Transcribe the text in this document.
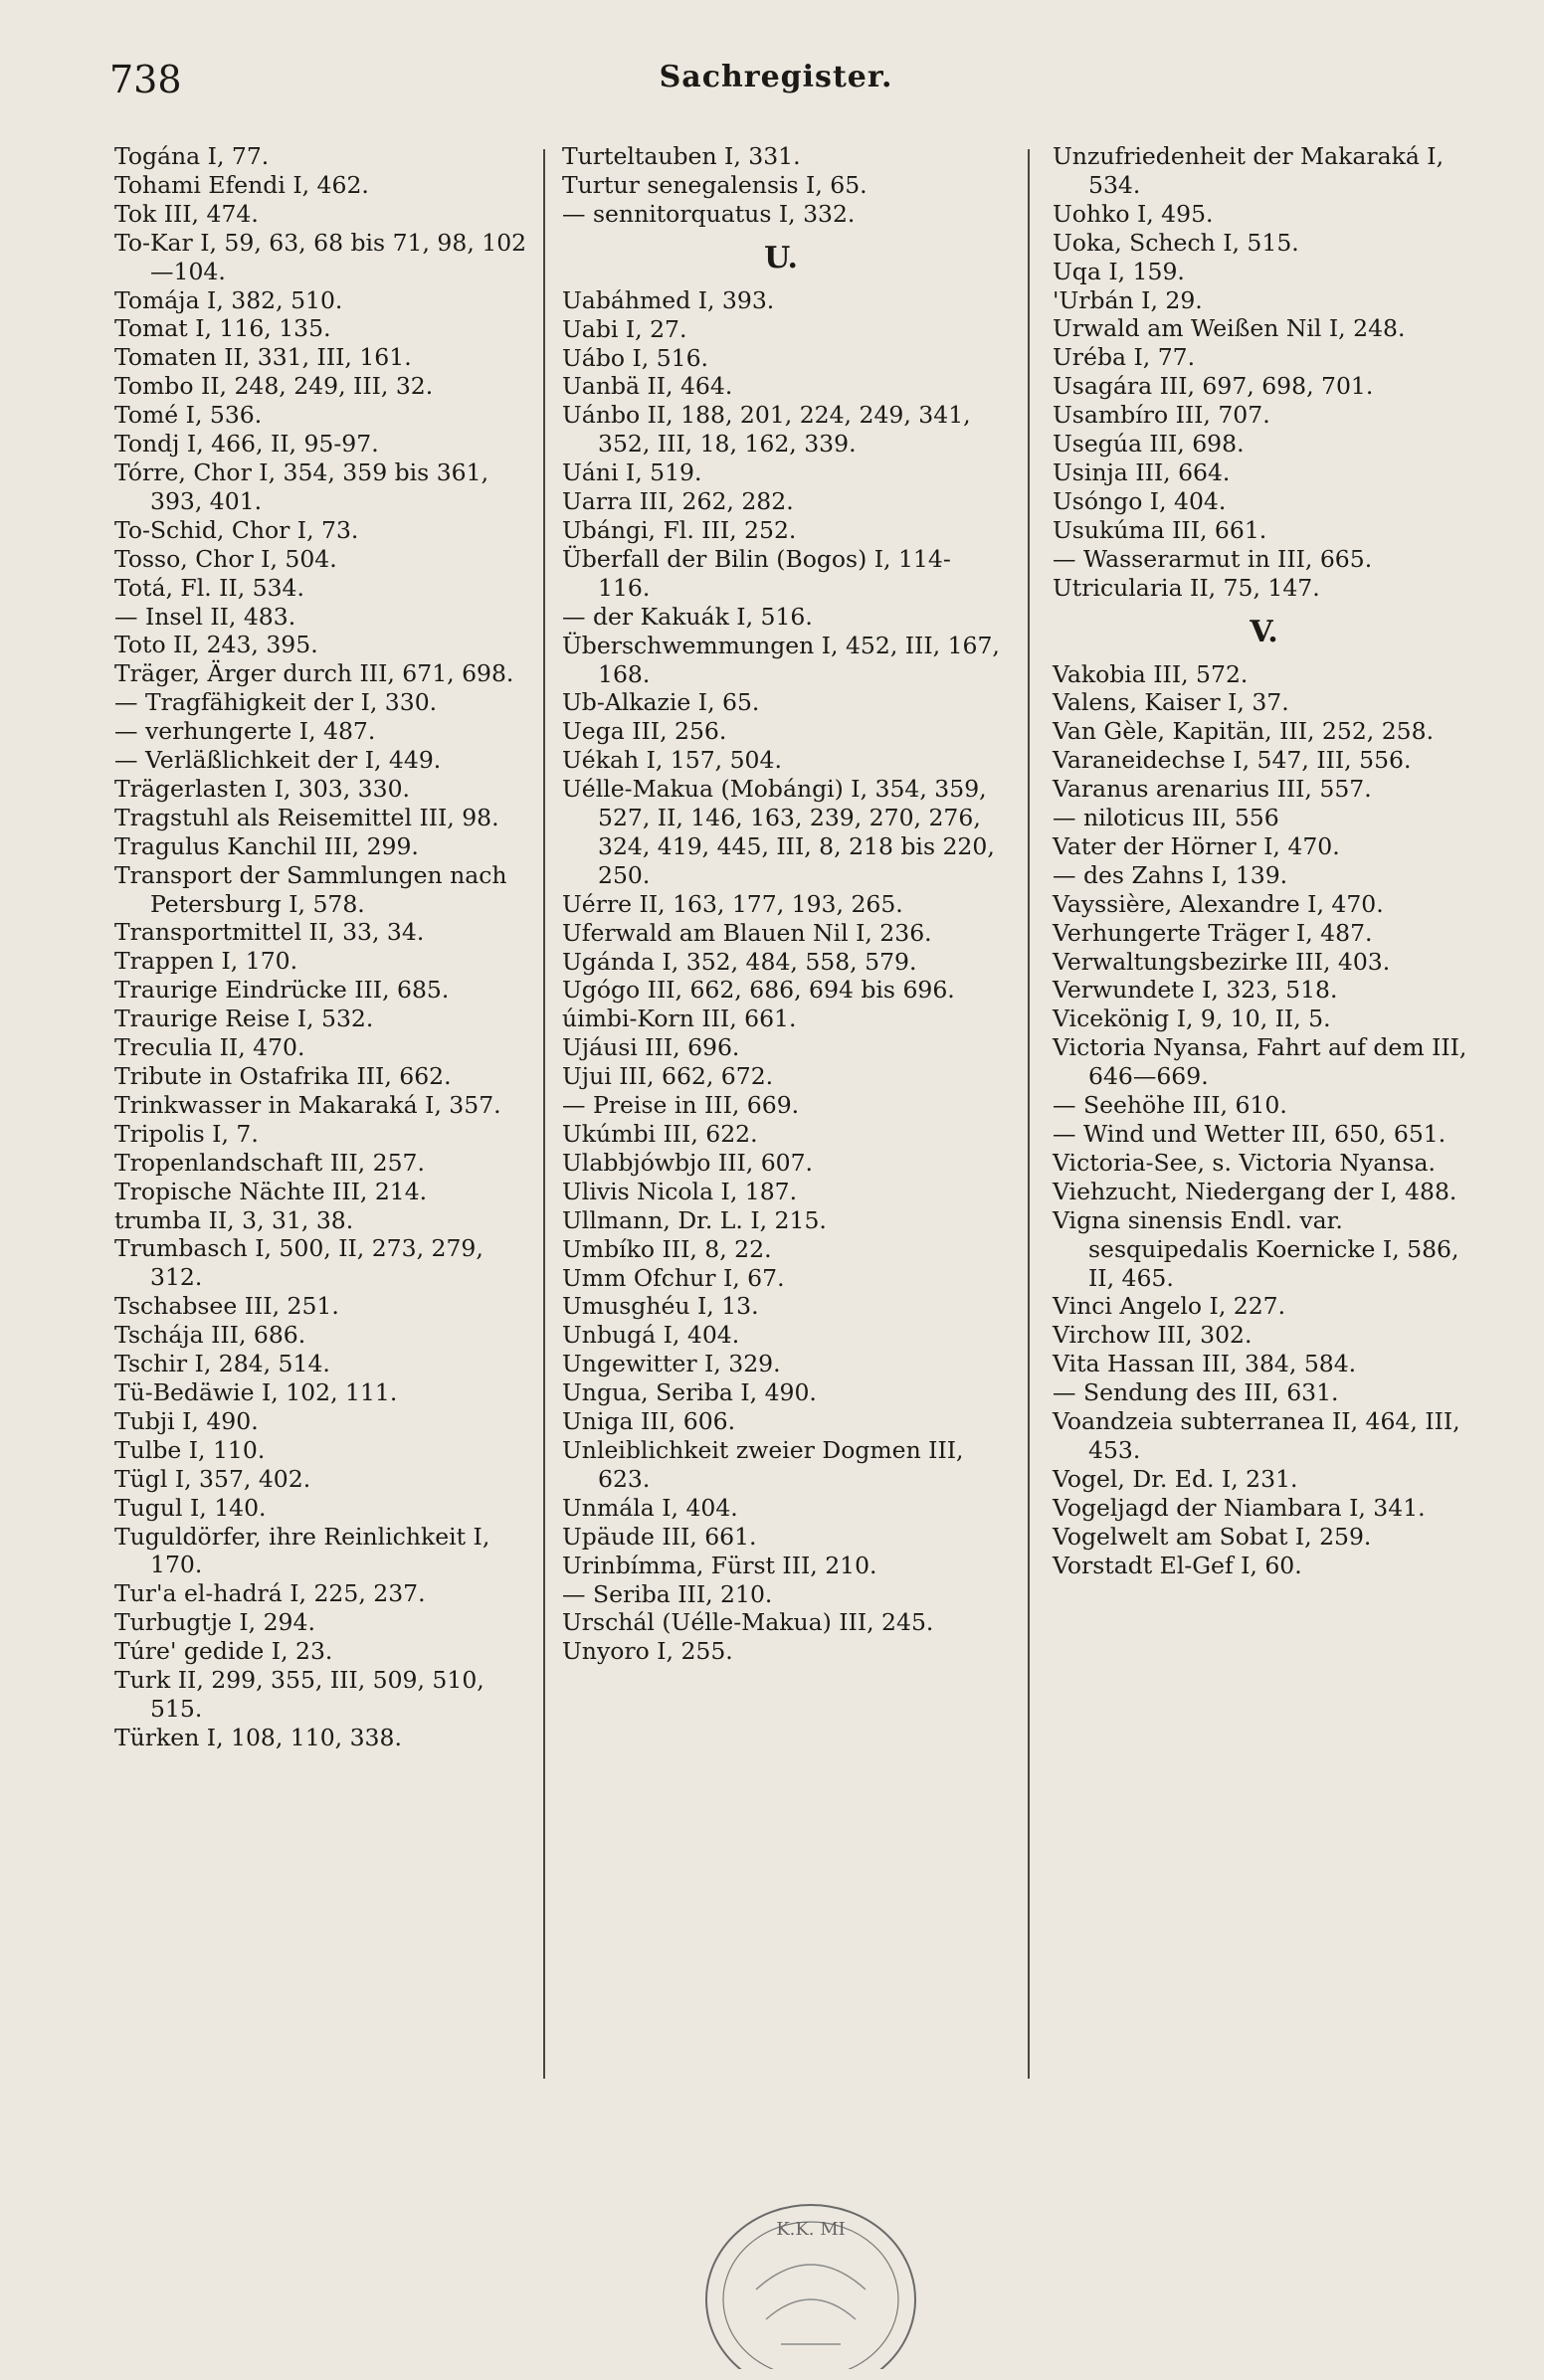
738	Sachregister.
Togána I, 77.
Tohami Efendi I, 462.
Tok III, 474.
To-Kar I, 59, 63, 68 bis 71, 98, 102—104.
Tomája I, 382, 510.
Tomat I, 116, 135.
Tomaten II, 331, III, 161.
Tombo II, 248, 249, III, 32.
Tomé I, 536.
Tondj I, 466, II, 95-97.
Tórre, Chor I, 354, 359 bis 361, 393, 401.
To-Schid, Chor I, 73.
Tosso, Chor I, 504.
Totá, Fl. II, 534.
— Insel II, 483.
Toto II, 243, 395.
Träger, Ärger durch III, 671, 698.
— Tragfähigkeit der I, 330.
— verhungerte I, 487.
— Verläßlichkeit der I, 449.
Trägerlasten I, 303, 330.
Tragstuhl als Reisemittel III, 98.
Tragulus Kanchil III, 299.
Transport der Sammlungen nach Petersburg I, 578.
Transportmittel II, 33, 34.
Trappen I, 170.
Traurige Eindrücke III, 685.
Traurige Reise I, 532.
Treculia II, 470.
Tribute in Ostafrika III, 662.
Trinkwasser in Makaraká I, 357.
Tripolis I, 7.
Tropenlandschaft III, 257.
Tropische Nächte III, 214.
trumba II, 3, 31, 38.
Trumbasch I, 500, II, 273, 279, 312.
Tschabsee III, 251.
Tschája III, 686.
Tschir I, 284, 514.
Tü-Bedäwie I, 102, 111.
Tubji I, 490.
Tulbe I, 110.
Tügl I, 357, 402.
Tugul I, 140.
Tuguldörfer, ihre Reinlichkeit I, 170.
Tur'a el-hadrá I, 225, 237.
Turbugtje I, 294.
Túre' gedide I, 23.
Turk II, 299, 355, III, 509, 510, 515.
Türken I, 108, 110, 338.
Turteltauben I, 331.
Turtur senegalensis I, 65.
— sennitorquatus I, 332.
U.
Uabáhmed I, 393.
Uabi I, 27.
Uábo I, 516.
Uanbä II, 464.
Uánbo II, 188, 201, 224, 249, 341, 352, III, 18, 162, 339.
Uáni I, 519.
Uarra III, 262, 282.
Ubángi, Fl. III, 252.
Überfall der Bilin (Bogos) I, 114-116.
— der Kakuák I, 516.
Überschwemmungen I, 452, III, 167, 168.
Ub-Alkazie I, 65.
Uega III, 256.
Uékah I, 157, 504.
Uélle-Makua (Mobángi) I, 354, 359, 527, II, 146, 163, 239, 270, 276, 324, 419, 445, III, 8, 218 bis 220, 250.
Uérre II, 163, 177, 193, 265.
Uferwald am Blauen Nil I, 236.
Ugánda I, 352, 484, 558, 579.
Ugógo III, 662, 686, 694 bis 696.
úimbi-Korn III, 661.
Ujáusi III, 696.
Ujui III, 662, 672.
— Preise in III, 669.
Ukúmbi III, 622.
Ulabbjówbjo III, 607.
Ulivis Nicola I, 187.
Ullmann, Dr. L. I, 215.
Umbíko III, 8, 22.
Umm Ofchur I, 67.
Umusghéu I, 13.
Unbugá I, 404.
Ungewitter I, 329.
Ungua, Seriba I, 490.
Uniga III, 606.
Unleiblichkeit zweier Dogmen III, 623.
Unmála I, 404.
Upäude III, 661.
Urinbímma, Fürst III, 210.
— Seriba III, 210.
Urschál (Uélle-Makua) III, 245.
Unyoro I, 255.
Unzufriedenheit der Makaraká I, 534.
Uohko I, 495.
Uoka, Schech I, 515.
Uqa I, 159.
'Urbán I, 29.
Urwald am Weißen Nil I, 248.
Uréba I, 77.
Usagára III, 697, 698, 701.
Usambíro III, 707.
Usegúa III, 698.
Usinja III, 664.
Usóngo I, 404.
Usukúma III, 661.
— Wasserarmut in III, 665.
Utricularia II, 75, 147.
V.
Vakobia III, 572.
Valens, Kaiser I, 37.
Van Gèle, Kapitän, III, 252, 258.
Varaneidechse I, 547, III, 556.
Varanus arenarius III, 557.
— niloticus III, 556
Vater der Hörner I, 470.
— des Zahns I, 139.
Vayssière, Alexandre I, 470.
Verhungerte Träger I, 487.
Verwaltungsbezirke III, 403.
Verwundete I, 323, 518.
Vicekönig I, 9, 10, II, 5.
Victoria Nyansa, Fahrt auf dem III, 646—669.
— Seehöhe III, 610.
— Wind und Wetter III, 650, 651.
Victoria-See, s. Victoria Nyansa.
Viehzucht, Niedergang der I, 488.
Vigna sinensis Endl. var. sesquipedalis Koernicke I, 586, II, 465.
Vinci Angelo I, 227.
Virchow III, 302.
Vita Hassan III, 384, 584.
— Sendung des III, 631.
Voandzeia subterranea II, 464, III, 453.
Vogel, Dr. Ed. I, 231.
Vogeljagd der Niambara I, 341.
Vogelwelt am Sobat I, 259.
Vorstadt El-Gef I, 60.
K.K. MI
